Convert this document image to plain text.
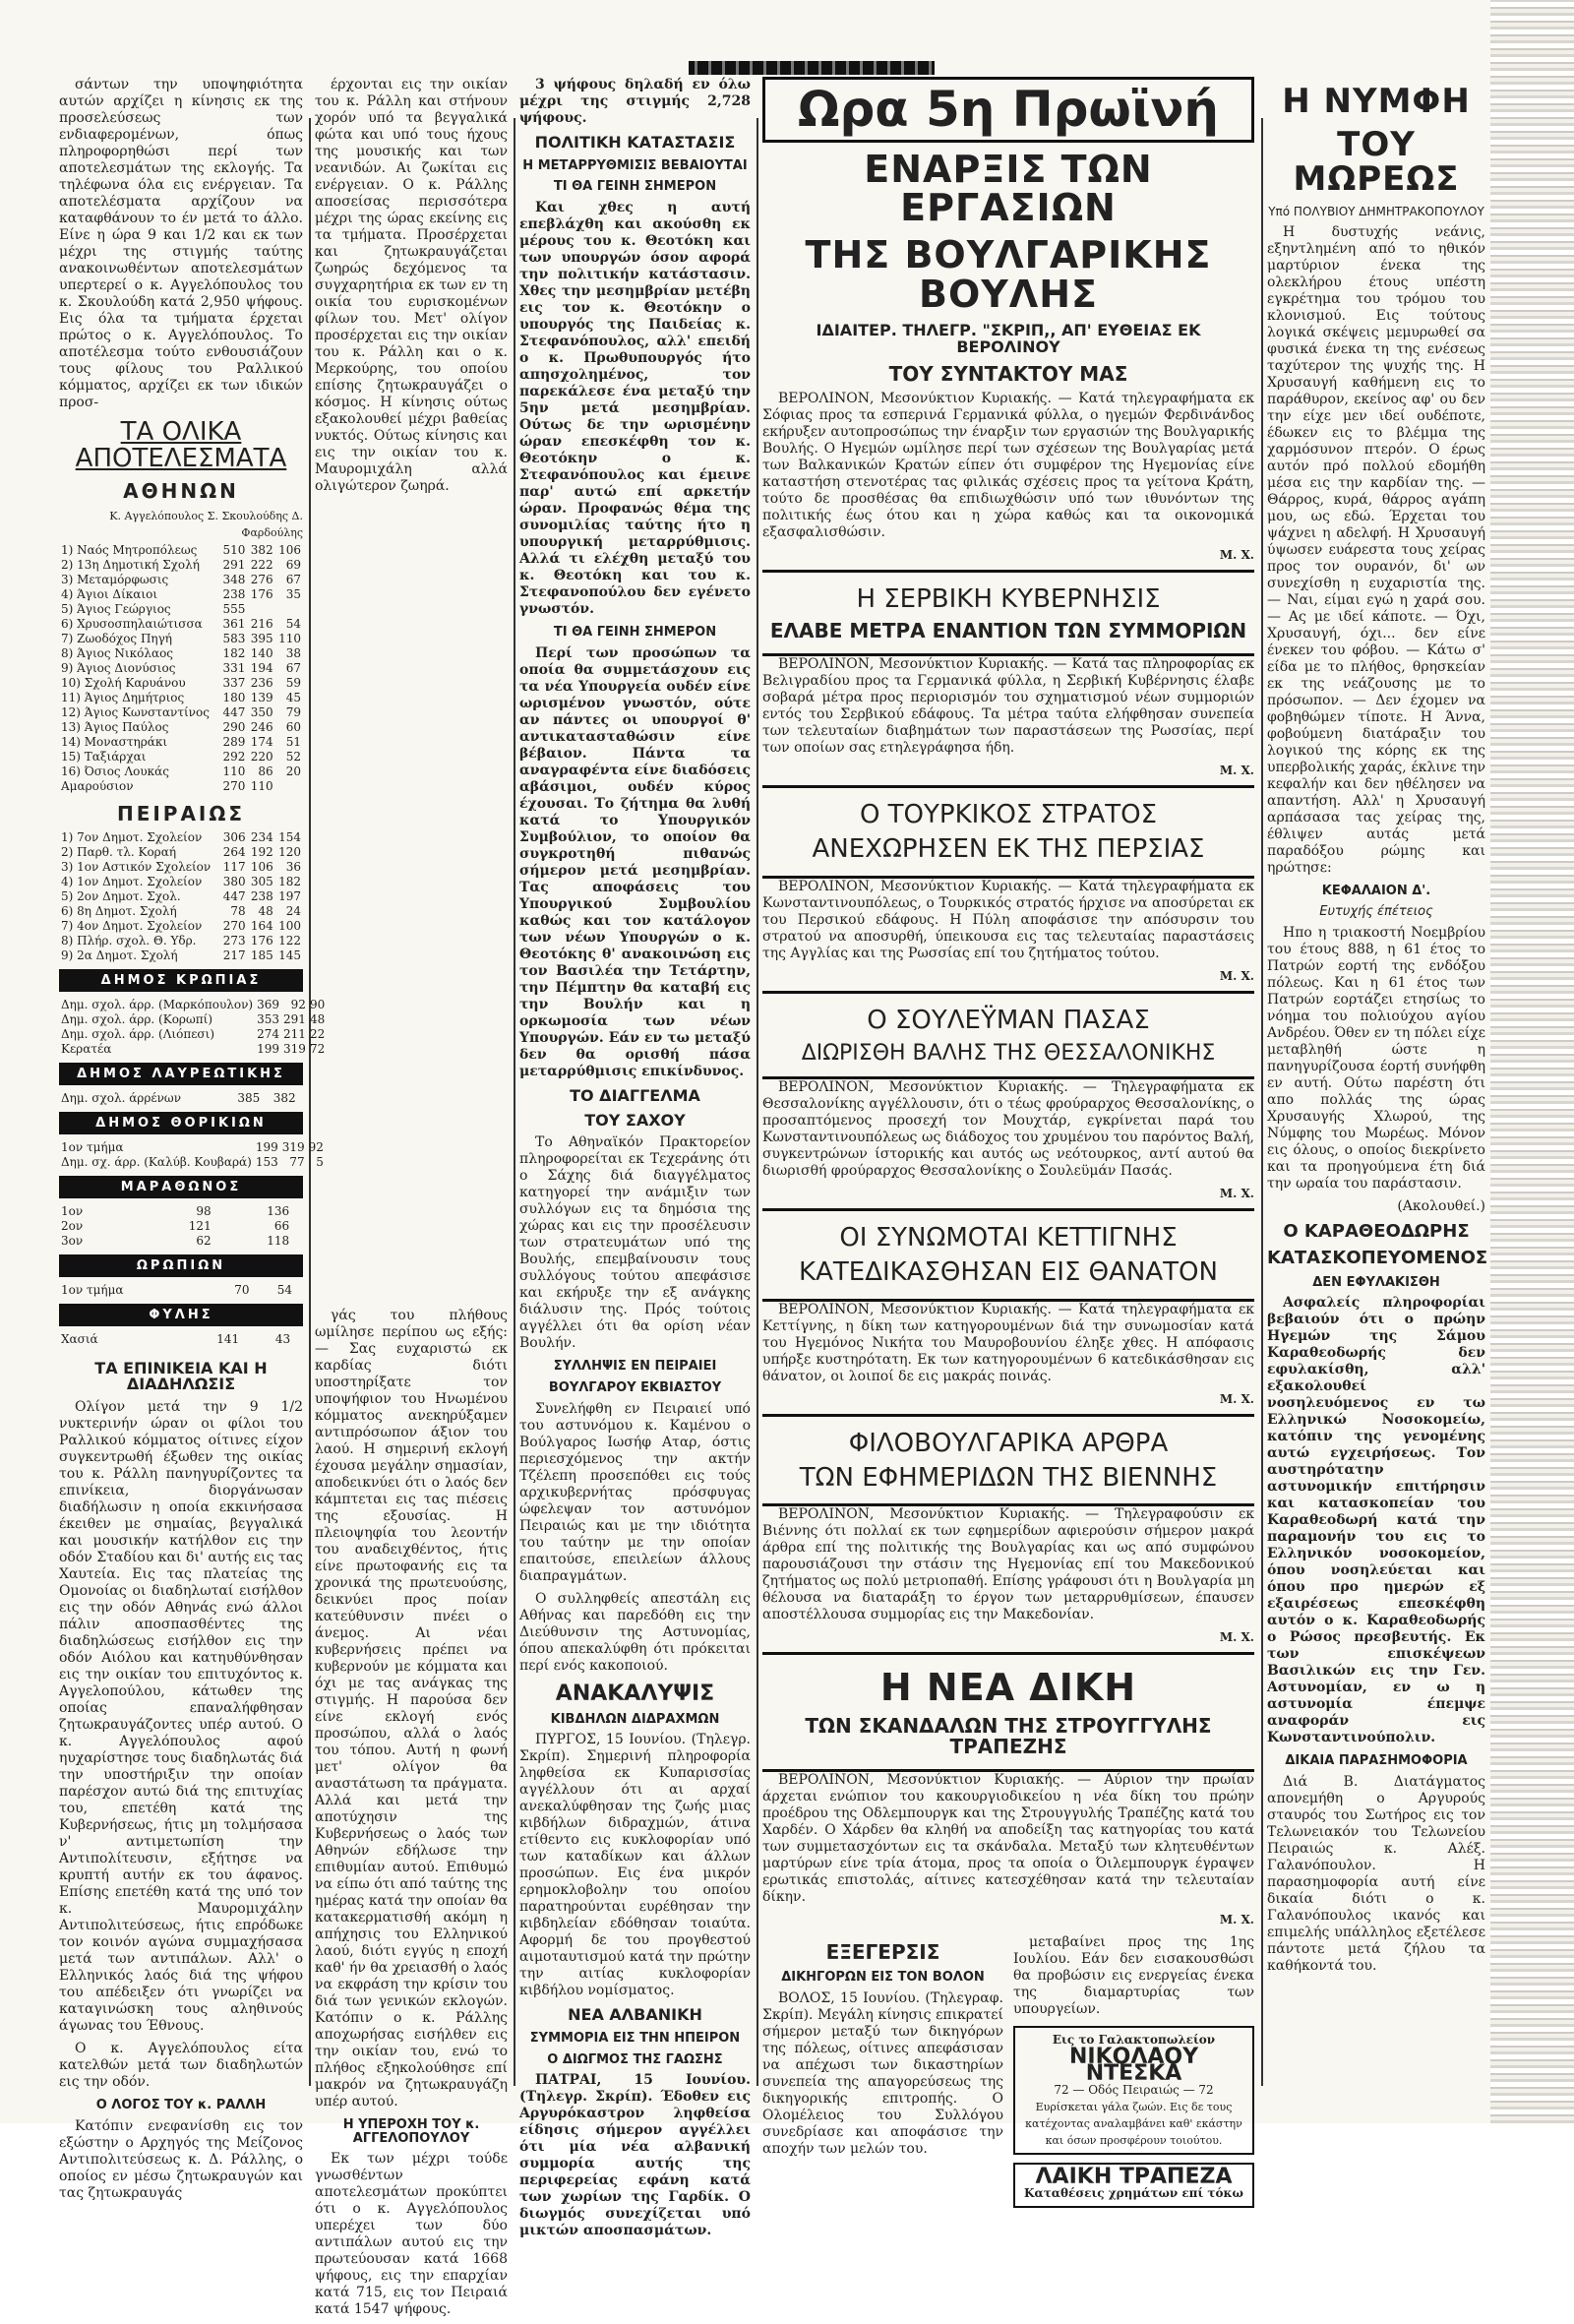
σάντων την υποψηφιότητα αυτών αρχίζει η κίνησις εκ της προσελεύσεως των ενδιαφερομένων, όπως πληροφορηθώσι περί των αποτελεσμάτων της εκλογής. Τα τηλέφωνα όλα εις ενέργειαν. Τα αποτελέσματα αρχίζουν να καταφθάνουν το έν μετά το άλλο. Είνε η ώρα 9 και 1/2 και εκ των μέχρι της στιγμής ταύτης ανακοινωθέντων αποτελεσμάτων υπερτερεί ο κ. Αγγελόπουλος του κ. Σκουλούδη κατά 2,950 ψήφους. Εις όλα τα τμήματα έρχεται πρώτος ο κ. Αγγελόπουλος. Το αποτέλεσμα τούτο ενθουσιάζουν τους φίλους του Ραλλικού κόμματος, αρχίζει εκ των ιδικών προσ-

ΤΑ ΟΛΙΚΑ ΑΠΟΤΕΛΕΣΜΑΤΑ
ΑΘΗΝΩΝ
Κ. Αγγελόπουλος Σ. Σκουλούδης Δ. Φαρδούλης
1) Ναός Μητροπόλεως	510	382	106
2) 13η Δημοτική Σχολή	291	222	69
3) Μεταμόρφωσις	348	276	67
4) Άγιοι Δίκαιοι	238	176	35
5) Άγιος Γεώργιος	555		
6) Χρυσοσπηλαιώτισσα	361	216	54
7) Ζωοδόχος Πηγή	583	395	110
8) Άγιος Νικόλαος	182	140	38
9) Άγιος Διονύσιος	331	194	67
10) Σχολή Καρυάνου	337	236	59
11) Άγιος Δημήτριος	180	139	45
12) Άγιος Κωνσταντίνος	447	350	79
13) Άγιος Παύλος	290	246	60
14) Μοναστηράκι	289	174	51
15) Ταξιάρχαι	292	220	52
16) Όσιος Λουκάς	110	86	20
Αμαρούσιον	270	110	
ΠΕΙΡΑΙΩΣ
1) 7ον Δημοτ. Σχολείον	306	234	154
2) Παρθ. τλ. Κοραή	264	192	120
3) 1ον Αστικόν Σχολείον	117	106	36
4) 1ον Δημοτ. Σχολείον	380	305	182
5) 2ον Δημοτ. Σχολ.	447	238	197
6) 8η Δημοτ. Σχολή	78	48	24
7) 4ον Δημοτ. Σχολείον	270	164	100
8) Πλήρ. σχολ. Θ. Υδρ.	273	176	122
9) 2α Δημοτ. Σχολή	217	185	145
ΔΗΜΟΣ ΚΡΩΠΙΑΣ
Δημ. σχολ. άρρ. (Μαρκόπουλον)	369	92	90
Δημ. σχολ. άρρ. (Κορωπί)	353	291	48
Δημ. σχολ. άρρ. (Λιόπεσι)	274	211	22
Κερατέα	199	319	72
ΔΗΜΟΣ ΛΑΥΡΕΩΤΙΚΗΣ
Δημ. σχολ. άρρένων	385	382	
ΔΗΜΟΣ ΘΟΡΙΚΙΩΝ
1ον τμήμα	199	319	92
Δημ. σχ. άρρ. (Καλύβ. Κουβαρά)	153	77	5
ΜΑΡΑΘΩΝΟΣ
1ον	98	136	
2ον	121	66	
3ον	62	118	
ΩΡΩΠΙΩΝ
1ον τμήμα	70	54	
ΦΥΛΗΣ
Χασιά	141	43	
ΤΑ ΕΠΙΝΙΚΕΙΑ ΚΑΙ Η ΔΙΑΔΗΛΩΣΙΣ

Ολίγον μετά την 9 1/2 νυκτερινήν ώραν οι φίλοι του Ραλλικού κόμματος οίτινες είχον συγκεντρωθή έξωθεν της οικίας του κ. Ράλλη πανηγυρίζοντες τα επινίκεια, διοργάνωσαν διαδήλωσιν η οποία εκκινήσασα έκειθεν με σημαίας, βεγγαλικά και μουσικήν κατήλθον εις την οδόν Σταδίου και δι' αυτής εις τας Χαυτεία. Εις τας πλατείας της Ομονοίας οι διαδηλωταί εισήλθον εις την οδόν Αθηνάς ενώ άλλοι πάλιν αποσπασθέντες της διαδηλώσεως εισήλθον εις την οδόν Αιόλου και κατηυθύνθησαν εις την οικίαν του επιτυχόντος κ. Αγγελοπούλου, κάτωθεν της οποίας επαναλήφθησαν ζητωκραυγάζοντες υπέρ αυτού. Ο κ. Αγγελόπουλος αφού ηυχαρίστησε τους διαδηλωτάς διά την υποστήριξιν την οποίαν παρέσχον αυτώ διά της επιτυχίας του, επετέθη κατά της Κυβερνήσεως, ήτις μη τολμήσασα ν' αντιμετωπίση την Αντιπολίτευσιν, εξήτησε να κρυπτή αυτήν εκ του άφανος. Επίσης επετέθη κατά της υπό τον κ. Μαυρομιχάλην Αντιπολιτεύσεως, ήτις επρόδωκε τον κοινόν αγώνα συμμαχήσασα μετά των αντιπάλων. Αλλ' ο Ελληνικός λαός διά της ψήφου του απέδειξεν ότι γνωρίζει να καταγινώσκη τους αληθινούς άγωνας του Έθνους.

Ο κ. Αγγελόπουλος είτα κατελθών μετά των διαδηλωτών εις την οδόν.

Ο ΛΟΓΟΣ ΤΟΥ κ. ΡΑΛΛΗ

Κατόπιν ενεφανίσθη εις τον εξώστην ο Αρχηγός της Μείζονος Αντιπολιτεύσεως κ. Δ. Ράλλης, ο οποίος εν μέσω ζητωκραυγών και τας ζητωκραυγάς

έρχονται εις την οικίαν του κ. Ράλλη και στήνουν χορόν υπό τα βεγγαλικά φώτα και υπό τους ήχους της μουσικής και των νεανιδών. Αι ζωκίται εις ενέργειαν. Ο κ. Ράλλης αποσείσας περισσότερα μέχρι της ώρας εκείνης εις τα τμήματα. Προσέρχεται και ζητωκραυγάζεται ζωηρώς δεχόμενος τα συγχαρητήρια εκ των εν τη οικία του ευρισκομένων φίλων του. Μετ' ολίγον προσέρχεται εις την οικίαν του κ. Ράλλη και ο κ. Μερκούρης, του οποίου επίσης ζητωκραυγάζει ο κόσμος. Η κίνησις ούτως εξακολουθεί μέχρι βαθείας νυκτός. Ούτως κίνησις και εις την οικίαν του κ. Μαυρομιχάλη αλλά ολιγώτερον ζωηρά.

γάς του πλήθους ωμίλησε περίπου ως εξής: — Σας ευχαριστώ εκ καρδίας διότι υποστηρίξατε τον υποψήφιον του Ηνωμένου κόμματος ανεκηρύξαμεν αντιπρόσωπον άξιον του λαού. Η σημερινή εκλογή έχουσα μεγάλην σημασίαν, αποδεικνύει ότι ο λαός δεν κάμπτεται εις τας πιέσεις της εξουσίας. Η πλειοψηφία του λεοντήν του αναδειχθέντος, ήτις είνε πρωτοφανής εις τα χρονικά της πρωτευούσης, δεικνύει προς ποίαν κατεύθυνσιν πνέει ο άνεμος. Αι νέαι κυβερνήσεις πρέπει να κυβερνούν με κόμματα και όχι με τας ανάγκας της στιγμής. Η παρούσα δεν είνε εκλογή ενός προσώπου, αλλά ο λαός του τόπου. Αυτή η φωνή μετ' ολίγον θα αναστάτωση τα πράγματα. Αλλά και μετά την αποτύχησιν της Κυβερνήσεως ο λαός των Αθηνών εδήλωσε την επιθυμίαν αυτού. Επιθυμώ να είπω ότι από ταύτης της ημέρας κατά την οποίαν θα κατακερματισθή ακόμη η απήχησις του Ελληνικού λαού, διότι εγγύς η εποχή καθ' ήν θα χρειασθή ο λαός να εκφράση την κρίσιν του διά των γενικών εκλογών. Κατόπιν ο κ. Ράλλης αποχωρήσας εισήλθεν εις την οικίαν του, ενώ το πλήθος εξηκολούθησε επί μακρόν να ζητωκραυγάζη υπέρ αυτού.

Η ΥΠΕΡΟΧΗ ΤΟΥ κ. ΑΓΓΕΛΟΠΟΥΛΟΥ

Εκ των μέχρι τούδε γνωσθέντων αποτελεσμάτων προκύπτει ότι ο κ. Αγγελόπουλος υπερέχει των δύο αντιπάλων αυτού εις την πρωτεύουσαν κατά 1668 ψήφους, εις την επαρχίαν κατά 715, εις τον Πειραιά κατά 1547 ψήφους.

3 ψήφους δηλαδή εν όλω μέχρι της στιγμής 2,728 ψήφους.

ΠΟΛΙΤΙΚΗ ΚΑΤΑΣΤΑΣΙΣ
Η ΜΕΤΑΡΡΥΘΜΙΣΙΣ ΒΕΒΑΙΟΥΤΑΙ
ΤΙ ΘΑ ΓΕΙΝΗ ΣΗΜΕΡΟΝ

Και χθες η αυτή επεβλάχθη και ακούσθη εκ μέρους του κ. Θεοτόκη και των υπουργών όσον αφορά την πολιτικήν κατάστασιν. Χθες την μεσημβρίαν μετέβη εις τον κ. Θεοτόκην ο υπουργός της Παιδείας κ. Στεφανόπουλος, αλλ' επειδή ο κ. Πρωθυπουργός ήτο απησχολημένος, τον παρεκάλεσε ένα μεταξύ την 5ην μετά μεσημβρίαν. Ούτως δε την ωρισμένην ώραν επεσκέφθη τον κ. Θεοτόκην ο κ. Στεφανόπουλος και έμεινε παρ' αυτώ επί αρκετήν ώραν. Προφανώς θέμα της συνομιλίας ταύτης ήτο η υπουργική μεταρρύθμισις. Αλλά τι ελέχθη μεταξύ του κ. Θεοτόκη και του κ. Στεφανοπούλου δεν εγένετο γνωστόν.

ΤΙ ΘΑ ΓΕΙΝΗ ΣΗΜΕΡΟΝ

Περί των προσώπων τα οποία θα συμμετάσχουν εις τα νέα Υπουργεία ουδέν είνε ωρισμένον γνωστόν, ούτε αν πάντες οι υπουργοί θ' αντικατασταθώσιν είνε βέβαιον. Πάντα τα αναγραφέντα είνε διαδόσεις αβάσιμοι, ουδέν κύρος έχουσαι. Το ζήτημα θα λυθή κατά το Υπουργικόν Συμβούλιον, το οποίον θα συγκροτηθή πιθανώς σήμερον μετά μεσημβρίαν. Τας αποφάσεις του Υπουργικού Συμβουλίου καθώς και τον κατάλογον των νέων Υπουργών ο κ. Θεοτόκης θ' ανακοινώση εις τον Βασιλέα την Τετάρτην, την Πέμπτην θα καταβή εις την Βουλήν και η ορκωμοσία των νέων Υπουργών. Εάν εν τω μεταξύ δεν θα ορισθή πάσα μεταρρύθμισις επικίνδυνος.

ΤΟ ΔΙΑΓΓΕΛΜΑ
ΤΟΥ ΣΑΧΟΥ

Το Αθηναϊκόν Πρακτορείον πληροφορείται εκ Τεχεράνης ότι ο Σάχης διά διαγγέλματος κατηγορεί την ανάμιξιν των συλλόγων εις τα δημόσια της χώρας και εις την προσέλευσιν των στρατευμάτων υπό της Βουλής, επεμβαίνουσιν τους συλλόγους τούτου απεφάσισε και εκήρυξε την εξ ανάγκης διάλυσιν της. Πρός τούτοις αγγέλλει ότι θα ορίση νέαν Βουλήν.

ΣΥΛΛΗΨΙΣ ΕΝ ΠΕΙΡΑΙΕΙ
ΒΟΥΛΓΑΡΟΥ ΕΚΒΙΑΣΤΟΥ

Συνελήφθη εν Πειραιεί υπό του αστυνόμου κ. Καμένου ο Βούλγαρος Ιωσήφ Αταρ, όστις περιεσχόμενος την ακτήν Τζέλεπη προσεπόθει εις τούς αρχικυβερνήτας πρόσφυγας ώφελεψαν τον αστυνόμον Πειραιώς και με την ιδιότητα του ταύτην με την οποίαν επαιτούσε, επειλείων άλλους διαπραγμάτων.

Ο συλληφθείς απεστάλη εις Αθήνας και παρεδόθη εις την Διεύθυνσιν της Αστυνομίας, όπου απεκαλύφθη ότι πρόκειται περί ενός κακοποιού.

ΑΝΑΚΑΛΥΨΙΣ
ΚΙΒΔΗΛΩΝ ΔΙΔΡΑΧΜΩΝ

ΠΥΡΓΟΣ, 15 Ιουνίου. (Τηλεγρ. Σκρίπ). Σημερινή πληροφορία ληφθείσα εκ Κυπαρισσίας αγγέλλουν ότι αι αρχαί ανεκαλύφθησαν της ζωής μιας κιβδήλων διδραχμών, άτινα ετίθεντο εις κυκλοφορίαν υπό των καταδίκων και άλλων προσώπων. Εις ένα μικρόν ερημοκλοβολην του οποίου παρατηρούνται ευρέθησαν την κιβδηλείαν εδόθησαν τοιαύτα. Αφορμή δε του προγθεστού αιμοταυτισμού κατά την πρώτην την αιτίας κυκλοφορίαν κιβδήλου νομίσματος.

ΝΕΑ ΑΛΒΑΝΙΚΗ
ΣΥΜΜΟΡΙΑ ΕΙΣ ΤΗΝ ΗΠΕΙΡΟΝ
Ο ΔΙΩΓΜΟΣ ΤΗΣ ΓΑΩΣΗΣ

ΠΑΤΡΑΙ, 15 Ιουνίου. (Τηλεγρ. Σκρίπ). Έδοθεν εις Αργυρόκαστρον ληφθείσα είδησις σήμερον αγγέλλει ότι μία νέα αλβανική συμμορία αυτής της περιφερείας εφάνη κατά των χωρίων της Γαρδίκ. Ο διωγμός συνεχίζεται υπό μικτών αποσπασμάτων.

Ωρα 5η Πρωϊνή
ΕΝΑΡΞΙΣ ΤΩΝ ΕΡΓΑΣΙΩΝ
ΤΗΣ ΒΟΥΛΓΑΡΙΚΗΣ ΒΟΥΛΗΣ
ΙΔΙΑΙΤΕΡ. ΤΗΛΕΓΡ. "ΣΚΡΙΠ,, ΑΠ' ΕΥΘΕΙΑΣ ΕΚ ΒΕΡΟΛΙΝΟΥ
ΤΟΥ ΣΥΝΤΑΚΤΟΥ ΜΑΣ

ΒΕΡΟΛΙΝΟΝ, Μεσονύκτιον Κυριακής. — Κατά τηλεγραφήματα εκ Σόφιας προς τα εσπερινά Γερμανικά φύλλα, ο ηγεμών Φερδινάνδος εκήρυξεν αυτοπροσώπως την έναρξιν των εργασιών της Βουλγαρικής Βουλής. Ο Ηγεμών ωμίλησε περί των σχέσεων της Βουλγαρίας μετά των Βαλκανικών Κρατών είπεν ότι συμφέρον της Ηγεμονίας είνε καταστήση στενοτέρας τας φιλικάς σχέσεις προς τα γείτονα Κράτη, τούτο δε προσθέσας θα επιδιωχθώσιν υπό των ιθυνόντων της πολιτικής έως ότου και η χώρα καθώς και τα οικονομικά εξασφαλισθώσιν.

Μ. Χ.
Η ΣΕΡΒΙΚΗ ΚΥΒΕΡΝΗΣΙΣ
ΕΛΑΒΕ ΜΕΤΡΑ ΕΝΑΝΤΙΟΝ ΤΩΝ ΣΥΜΜΟΡΙΩΝ

ΒΕΡΟΛΙΝΟΝ, Μεσονύκτιον Κυριακής. — Κατά τας πληροφορίας εκ Βελιγραδίου προς τα Γερμανικά φύλλα, η Σερβική Κυβέρνησις έλαβε σοβαρά μέτρα προς περιορισμόν του σχηματισμού νέων συμμοριών εντός του Σερβικού εδάφους. Τα μέτρα ταύτα ελήφθησαν συνεπεία των τελευταίων διαβημάτων των παραστάσεων της Ρωσσίας, περί των οποίων σας ετηλεγράφησα ήδη.

Μ. Χ.
Ο ΤΟΥΡΚΙΚΟΣ ΣΤΡΑΤΟΣ
ΑΝΕΧΩΡΗΣΕΝ ΕΚ ΤΗΣ ΠΕΡΣΙΑΣ

ΒΕΡΟΛΙΝΟΝ, Μεσονύκτιον Κυριακής. — Κατά τηλεγραφήματα εκ Κωνσταντινουπόλεως, ο Τουρκικός στρατός ήρχισε να αποσύρεται εκ του Περσικού εδάφους. Η Πύλη αποφάσισε την απόσυρσιν του στρατού να αποσυρθή, ύπεικουσα εις τας τελευταίας παραστάσεις της Αγγλίας και της Ρωσσίας επί του ζητήματος τούτου.

Μ. Χ.
Ο ΣΟΥΛΕΫΜΑΝ ΠΑΣΑΣ
ΔΙΩΡΙΣΘΗ ΒΑΛΗΣ ΤΗΣ ΘΕΣΣΑΛΟΝΙΚΗΣ

ΒΕΡΟΛΙΝΟΝ, Μεσονύκτιον Κυριακής. — Τηλεγραφήματα εκ Θεσσαλονίκης αγγέλλουσιν, ότι ο τέως φρούραρχος Θεσσαλονίκης, ο προσαπτόμενος προσεχή τον Μουχτάρ, εγκρίνεται παρά του Κωνσταντινουπόλεως ως διάδοχος του χρυμένου του παρόντος Βαλή, συγκεντρώνων ίστορικής και αυτός ως νεότουρκος, αντί αυτού θα διωρισθή φρούραρχος Θεσσαλονίκης ο Σουλεϋμάν Πασάς.

Μ. Χ.
ΟΙ ΣΥΝΩΜΟΤΑΙ ΚΕΤΤΙΓΝΗΣ
ΚΑΤΕΔΙΚΑΣΘΗΣΑΝ ΕΙΣ ΘΑΝΑΤΟΝ

ΒΕΡΟΛΙΝΟΝ, Μεσονύκτιον Κυριακής. — Κατά τηλεγραφήματα εκ Κεττίγνης, η δίκη των κατηγορουμένων διά την συνωμοσίαν κατά του Ηγεμόνος Νικήτα του Μαυροβουνίου έληξε χθες. Η απόφασις υπήρξε κυστηρότατη. Εκ των κατηγορουμένων 6 κατεδικάσθησαν εις θάνατον, οι λοιποί δε εις μακράς ποινάς.

Μ. Χ.
ΦΙΛΟΒΟΥΛΓΑΡΙΚΑ ΑΡΘΡΑ
ΤΩΝ ΕΦΗΜΕΡΙΔΩΝ ΤΗΣ ΒΙΕΝΝΗΣ

ΒΕΡΟΛΙΝΟΝ, Μεσονύκτιον Κυριακής. — Τηλεγραφούσιν εκ Βιέννης ότι πολλαί εκ των εφημερίδων αφιερούσιν σήμερον μακρά άρθρα επί της πολιτικής της Βουλγαρίας και ως από συμφώνου παρουσιάζουσι την στάσιν της Ηγεμονίας επί του Μακεδονικού ζητήματος ως πολύ μετριοπαθή. Επίσης γράφουσι ότι η Βουλγαρία μη θέλουσα να διαταράξη το έργον των μεταρρυθμίσεων, έπαυσεν αποστέλλουσα συμμορίας εις την Μακεδονίαν.

Μ. Χ.
Η ΝΕΑ ΔΙΚΗ
ΤΩΝ ΣΚΑΝΔΑΛΩΝ ΤΗΣ ΣΤΡΟΥΓΓΥΛΗΣ ΤΡΑΠΕΖΗΣ

ΒΕΡΟΛΙΝΟΝ, Μεσονύκτιον Κυριακής. — Αύριον την πρωίαν άρχεται ενώπιον του κακουργιοδικείου η νέα δίκη του πρώην προέδρου της Οδλεμπουργκ και της Στρουγγυλής Τραπέζης κατά του Χαρδέν. Ο Χάρδεν θα κληθή να αποδείξη τας κατηγορίας του κατά των συμμετασχόντων εις τα σκάνδαλα. Μεταξύ των κλητευθέντων μαρτύρων είνε τρία άτομα, προς τα οποία ο Όιλεμπουργκ έγραψεν ερωτικάς επιστολάς, αίτινες κατεσχέθησαν κατά την τελευταίαν δίκην.

Μ. Χ.
ΕΞΕΓΕΡΣΙΣ
ΔΙΚΗΓΟΡΩΝ ΕΙΣ ΤΟΝ ΒΟΛΟΝ

ΒΟΛΟΣ, 15 Ιουνίου. (Τηλεγραφ. Σκρίπ). Μεγάλη κίνησις επικρατεί σήμερον μεταξύ των δικηγόρων της πόλεως, οίτινες απεφάσισαν να απέχωσι των δικαστηρίων συνεπεία της απαγορεύσεως της δικηγορικής επιτροπής. Ο Ολομέλειος του Συλλόγου συνεδρίασε και αποφάσισε την αποχήν των μελών του.

μεταβαίνει προς της 1ης Ιουλίου. Εάν δεν εισακουσθώσι θα προβώσιν εις ενεργείας ένεκα της διαμαρτυρίας των υπουργείων.

Εις το Γαλακτοπωλείον
ΝΙΚΟΛΑΟΥ ΝΤΕΣΚΑ
72 — Οδός Πειραιώς — 72
Ευρίσκεται γάλα ζωών. Εις δε τους κατέχοντας αναλαμβάνει καθ' εκάστην και όσων προσφέρουν τοιούτου.
ΛΑΙΚΗ ΤΡΑΠΕΖΑ
Καταθέσεις χρημάτων επί τόκω
Η ΝΥΜΦΗ
ΤΟΥ ΜΩΡΕΩΣ
Υπό ΠΟΛΥΒΙΟΥ ΔΗΜΗΤΡΑΚΟΠΟΥΛΟΥ

Η δυστυχής νεάνις, εξηντλημένη από το ηθικόν μαρτύριον ένεκα της ολεκλήρου έτους υπέστη εγκρέτημα του τρόμου του κλονισμού. Εις τούτους λογικά σκέψεις μεμυρωθεί σα φυσικά ένεκα τη της ενέσεως ταχύτερον της ψυχής της. Η Χρυσαυγή καθήμενη εις το παράθυρον, εκείνος αφ' ου δεν την είχε μεν ιδεί ουδέποτε, έδωκεν εις το βλέμμα της χαρμόσυνον πτερόν. Ο έρως αυτόν πρό πολλού εδομήθη μέσα εις την καρδίαν της. — Θάρρος, κυρά, θάρρος αγάπη μου, ως εδώ. Έρχεται του ψάχνει η αδελφή. Η Χρυσαυγή ύψωσεν ευάρεστα τους χείρας προς τον ουρανόν, δι' ων συνεχίσθη η ευχαριστία της. — Ναι, είμαι εγώ η χαρά σου. — Ας με ιδεί κάποτε. — Όχι, Χρυσαυγή, όχι... δεν είνε ένεκεν του φόβου. — Κάτω σ' είδα με το πλήθος, θρησκείαν εκ της νεάζουσης με το πρόσωπον. — Δεν έχομεν να φοβηθώμεν τίποτε. Η Άννα, φοβούμενη διατάραξιν του λογικού της κόρης εκ της υπερβολικής χαράς, έκλινε την κεφαλήν και δεν ηθέλησεν να απαντήση. Αλλ' η Χρυσαυγή αρπάσασα τας χείρας της, έθλιψεν αυτάς μετά παραδόξου ρώμης και ηρώτησε:

ΚΕΦΑΛΑΙΟΝ Δ'.
Ευτυχής έπέτειος

Ηπο η τριακοστή Νοεμβρίου του έτους 888, η 61 έτος το Πατρών εορτή της ενδόξου πόλεως. Και η 61 έτος των Πατρών εορτάζει ετησίως το νόημα του πολιούχου αγίου Ανδρέου. Όθεν εν τη πόλει είχε μεταβληθή ώστε η πανηγυρίζουσα έορτή συνήφθη εν αυτή. Ούτω παρέστη ότι απο πολλάς της ώρας Χρυσαυγής Χλωρού, της Νύμφης του Μωρέως. Μόνον εις όλους, ο οποίος διεκρίνετο και τα προηγούμενα έτη διά την ωραία του παράστασιν.

(Ακολουθεί.)
Ο ΚΑΡΑΘΕΟΔΩΡΗΣ
ΚΑΤΑΣΚΟΠΕΥΟΜΕΝΟΣ
ΔΕΝ ΕΦΥΛΑΚΙΣΘΗ

Ασφαλείς πληροφορίαι βεβαιούν ότι ο πρώην Ηγεμών της Σάμου Καραθεοδωρής δεν εφυλακίσθη, αλλ' εξακολουθεί νοσηλευόμενος εν τω Ελληνικώ Νοσοκομείω, κατόπιν της γενομένης αυτώ εγχειρήσεως. Τον αυστηρότατην αστυνομικήν επιτήρησιν και κατασκοπείαν του Καραθεοδωρή κατά την παραμονήν του εις το Ελληνικόν νοσοκομείον, όπου νοσηλεύεται και όπου προ ημερών εξ εξαιρέσεως επεσκέφθη αυτόν ο κ. Καραθεοδωρής ο Ρώσος πρεσβευτής. Εκ των επισκέψεων Βασιλικών εις την Γεν. Αστυνομίαν, εν ω η αστυνομία έπεμψε αναφοράν εις Κωνσταντινούπολιν.

ΔΙΚΑΙΑ ΠΑΡΑΣΗΜΟΦΟΡΙΑ

Διά Β. Διατάγματος απονεμήθη ο Αργυρούς σταυρός του Σωτήρος εις τον Τελωνειακόν του Τελωνείου Πειραιώς κ. Αλέξ. Γαλανόπουλον. Η παρασημοφορία αυτή είνε δικαία διότι ο κ. Γαλανόπουλος ικανός και επιμελής υπάλληλος εξετέλεσε πάντοτε μετά ζήλου τα καθήκοντά του.
